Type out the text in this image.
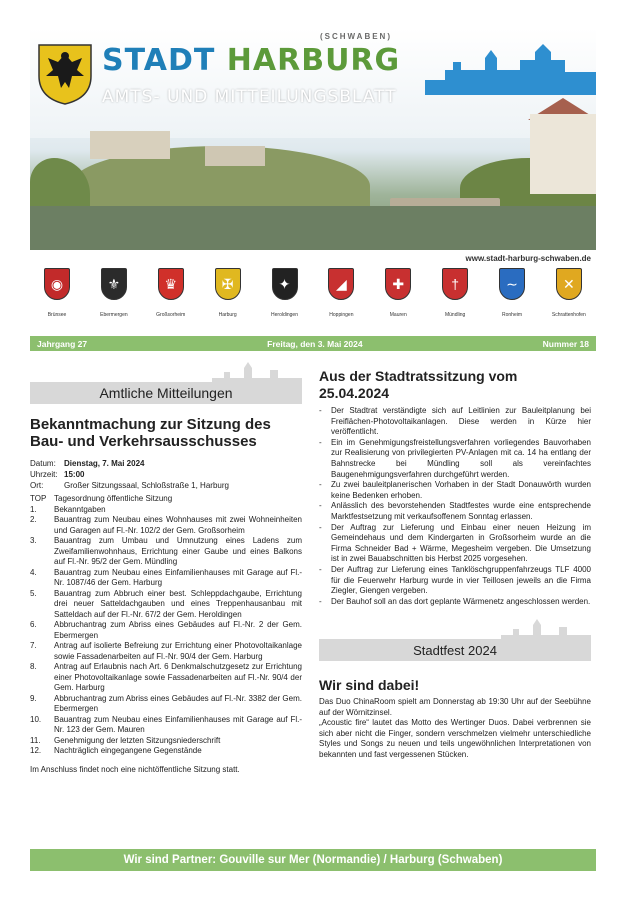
(SCHWABEN)
STADT HARBURG
AMTS- UND MITTEILUNGSBLATT
www.stadt-harburg-schwaben.de
◉
Brünsee
⚜
Ebermergen
♛
Großsorheim
✠
Harburg
✦
Heroldingen
◢
Hoppingen
✚
Mauren
†
Mündling
∼
Ronheim
✕
Schrattenhofen
Jahrgang 27	Freitag, den 3. Mai 2024	Nummer 18
Amtliche Mitteilungen
Bekanntmachung zur Sitzung des Bau- und Verkehrsausschusses
Datum:	Dienstag, 7. Mai 2024
Uhrzeit: 15:00
Ort:	Großer Sitzungssaal, Schloßstraße 1, Harburg
TOP Tagesordnung öffentliche Sitzung
1.	Bekanntgaben
2.	Bauantrag zum Neubau eines Wohnhauses mit zwei Wohneinheiten und Garagen auf Fl.-Nr. 102/2 der Gem. Großsorheim
3.	Bauantrag zum Umbau und Umnutzung eines Ladens zum Zweifamilienwohnhaus, Errichtung einer Gaube und eines Balkons auf Fl.-Nr. 95/2 der Gem. Mündling
4.	Bauantrag zum Neubau eines Einfamilienhauses mit Garage auf Fl.-Nr. 1087/46 der Gem. Harburg
5.	Bauantrag zum Abbruch einer best. Schleppdachgaube, Errichtung drei neuer Satteldachgauben und eines Treppenhausanbau mit Satteldach auf der Fl.-Nr. 67/2 der Gem. Heroldingen
6.	Abbruchantrag zum Abriss eines Gebäudes auf Fl.-Nr. 2 der Gem. Ebermergen
7.	Antrag auf isolierte Befreiung zur Errichtung einer Photovoltaikanlage sowie Fassadenarbeiten auf Fl.-Nr. 90/4 der Gem. Harburg
8.	Antrag auf Erlaubnis nach Art. 6 Denkmalschutzgesetz zur Errichtung einer Photovoltaikanlage sowie Fassadenarbeiten auf Fl.-Nr. 90/4 der Gem. Harburg
9.	Abbruchantrag zum Abriss eines Gebäudes auf Fl.-Nr. 3382 der Gem. Ebermergen
10.	Bauantrag zum Neubau eines Einfamilienhauses mit Garage auf Fl.-Nr. 123 der Gem. Mauren
11.	Genehmigung der letzten Sitzungsniederschrift
12.	Nachträglich eingegangene Gegenstände
Im Anschluss findet noch eine nichtöffentliche Sitzung statt.
Aus der Stadtratssitzung vom 25.04.2024
-	Der Stadtrat verständigte sich auf Leitlinien zur Bauleitplanung bei Freiflächen-Photovoltaikanlagen. Diese werden in Kürze hier veröffentlicht.
-	Ein im Genehmigungsfreistellungsverfahren vorliegendes Bauvorhaben zur Realisierung von privilegierten PV-Anlagen mit ca. 14 ha entlang der Bahnstrecke bei Mündling soll als vereinfachtes Baugenehmigungsverfahren durchgeführt werden.
-	Zu zwei bauleitplanerischen Vorhaben in der Stadt Donauwörth wurden keine Bedenken erhoben.
-	Anlässlich des bevorstehenden Stadtfestes wurde eine entsprechende Marktfestsetzung mit verkaufsoffenem Sonntag erlassen.
-	Der Auftrag zur Lieferung und Einbau einer neuen Heizung im Gemeindehaus und dem Kindergarten in Großsorheim wurde an die Firma Schneider Bad + Wärme, Megesheim vergeben. Die Umsetzung ist in zwei Bauabschnitten bis Herbst 2025 vorgesehen.
-	Der Auftrag zur Lieferung eines Tanklöschgruppenfahrzeugs TLF 4000 für die Feuerwehr Harburg wurde in vier Teillosen jeweils an die Firma Ziegler, Giengen vergeben.
-	Der Bauhof soll an das dort geplante Wärmenetz angeschlossen werden.
Stadtfest 2024
Wir sind dabei!
Das Duo ChinaRoom spielt am Donnerstag ab 19:30 Uhr auf der Seebühne auf der Wörnitzinsel.
„Acoustic fire“ lautet das Motto des Wertinger Duos. Dabei verbrennen sie sich aber nicht die Finger, sondern verschmelzen vielmehr unterschiedliche Styles und Songs zu neuen und teils ungewöhnlichen Interpretationen von bekannten und fast vergessenen Stücken.
Wir sind Partner: Gouville sur Mer (Normandie) / Harburg (Schwaben)
